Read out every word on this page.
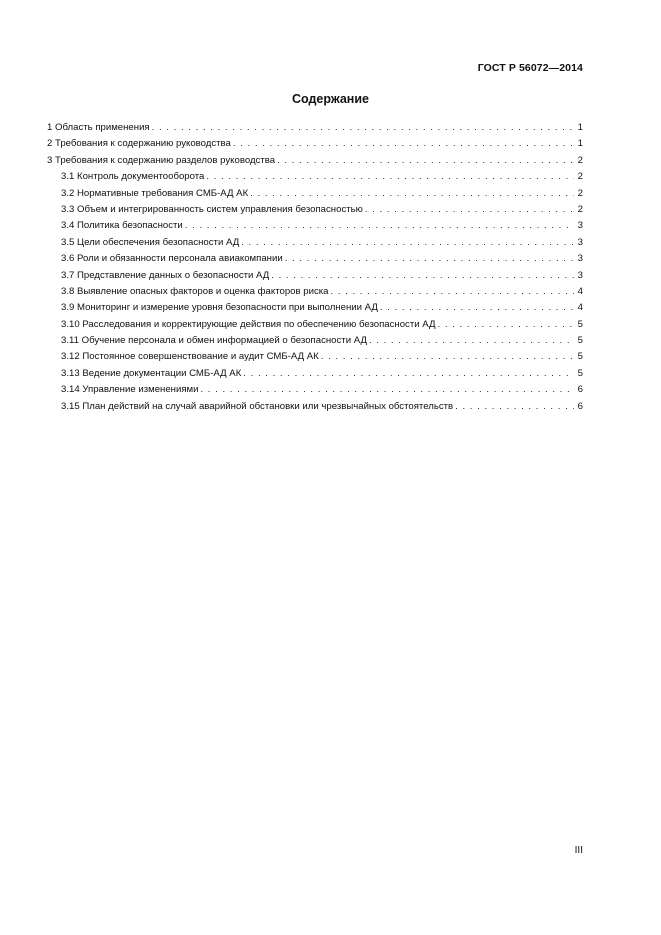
ГОСТ Р 56072—2014
Содержание
1 Область применения . . .	1
2 Требования к содержанию руководства . . .	1
3 Требования к содержанию разделов руководства . . .	2
3.1 Контроль документооборота . . .	2
3.2 Нормативные требования СМБ-АД АК . . .	2
3.3 Объем и интегрированность систем управления безопасностью . . .	2
3.4 Политика безопасности . . .	3
3.5 Цели обеспечения безопасности АД . . .	3
3.6 Роли и обязанности персонала авиакомпании . . .	3
3.7 Представление данных о безопасности АД . . .	3
3.8 Выявление опасных факторов и оценка факторов риска . . .	4
3.9 Мониторинг и измерение уровня безопасности при выполнении АД . . .	4
3.10 Расследования и корректирующие действия по обеспечению безопасности АД . . .	5
3.11 Обучение персонала и обмен информацией о безопасности АД . . .	5
3.12 Постоянное совершенствование и аудит СМБ-АД АК . . .	5
3.13 Ведение документации СМБ-АД АК . . .	5
3.14 Управление изменениями . . .	6
3.15 План действий на случай аварийной обстановки или чрезвычайных обстоятельств . . .	6
III
